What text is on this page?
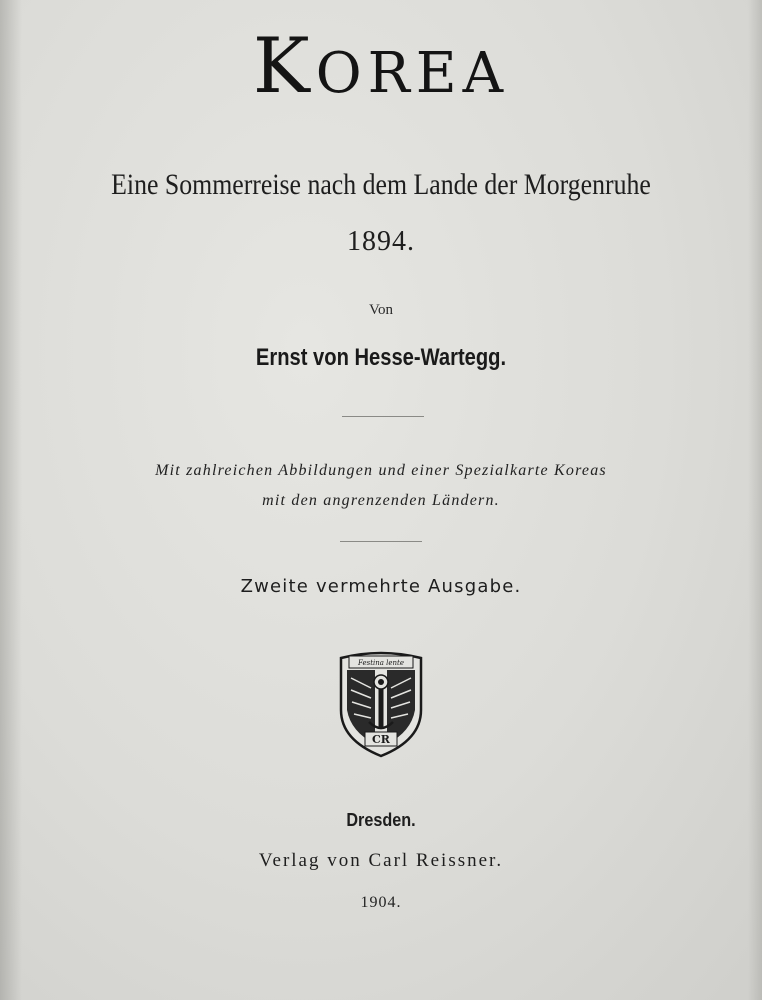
KOREA
Eine Sommerreise nach dem Lande der Morgenruhe
1894.
Von
Ernst von Hesse-Wartegg.
Mit zahlreichen Abbildungen und einer Spezialkarte Koreas
mit den angrenzenden Ländern.
Zweite vermehrte Ausgabe.
Festina lente
CR
Dresden.
Verlag von Carl Reissner.
1904.
